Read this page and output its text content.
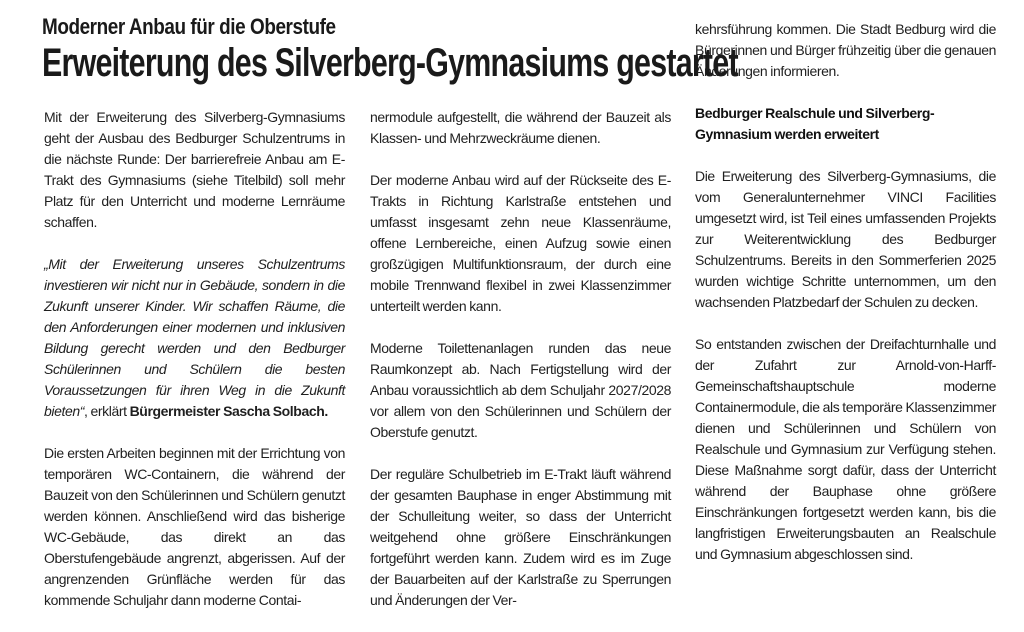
Moderner Anbau für die Oberstufe
Erweiterung des Silverberg-Gymnasiums gestartet

Mit der Erweiterung des Silverberg-Gymnasiums geht der Ausbau des Bedburger Schulzentrums in die nächste Runde: Der barrierefreie Anbau am E-Trakt des Gymnasiums (siehe Titelbild) soll mehr Platz für den Unterricht und moderne Lernräume schaffen.

„Mit der Erweiterung unseres Schulzentrums investieren wir nicht nur in Gebäude, sondern in die Zukunft unserer Kinder. Wir schaffen Räume, die den Anforderungen einer modernen und inklusiven Bildung gerecht werden und den Bedburger Schülerinnen und Schülern die besten Voraussetzungen für ihren Weg in die Zukunft bieten“, erklärt Bürgermeister Sascha Solbach.

Die ersten Arbeiten beginnen mit der Errichtung von temporären WC-Containern, die während der Bauzeit von den Schülerinnen und Schülern genutzt werden können. Anschließend wird das bisherige WC-Gebäude, das direkt an das Oberstufengebäude angrenzt, abgerissen. Auf der angrenzenden Grünfläche werden für das kommende Schuljahr dann moderne Contai-

nermodule aufgestellt, die während der Bauzeit als Klassen- und Mehrzweckräume dienen.

Der moderne Anbau wird auf der Rückseite des E-Trakts in Richtung Karlstraße entstehen und umfasst insgesamt zehn neue Klassenräume, offene Lernbereiche, einen Aufzug sowie einen großzügigen Multifunktionsraum, der durch eine mobile Trennwand flexibel in zwei Klassenzimmer unterteilt werden kann.

Moderne Toilettenanlagen runden das neue Raumkonzept ab. Nach Fertigstellung wird der Anbau voraussichtlich ab dem Schuljahr 2027/2028 vor allem von den Schülerinnen und Schülern der Oberstufe genutzt.

Der reguläre Schulbetrieb im E-Trakt läuft während der gesamten Bauphase in enger Abstimmung mit der Schulleitung weiter, so dass der Unterricht weitgehend ohne größere Einschränkungen fortgeführt werden kann. Zudem wird es im Zuge der Bauarbeiten auf der Karlstraße zu Sperrungen und Änderungen der Ver-

kehrsführung kommen. Die Stadt Bedburg wird die Bürgerinnen und Bürger frühzeitig über die genauen Änderungen informieren.

Bedburger Realschule und Silverberg-Gymnasium werden erweitert

Die Erweiterung des Silverberg-Gymnasiums, die vom Generalunternehmer VINCI Facilities umgesetzt wird, ist Teil eines umfassenden Projekts zur Weiterentwicklung des Bedburger Schulzentrums. Bereits in den Sommerferien 2025 wurden wichtige Schritte unternommen, um den wachsenden Platzbedarf der Schulen zu decken.

So entstanden zwischen der Dreifachturnhalle und der Zufahrt zur Arnold-von-Harff-Gemeinschaftshauptschule moderne Containermodule, die als temporäre Klassenzimmer dienen und Schülerinnen und Schülern von Realschule und Gymnasium zur Verfügung stehen. Diese Maßnahme sorgt dafür, dass der Unterricht während der Bauphase ohne größere Einschränkungen fortgesetzt werden kann, bis die langfristigen Erweiterungsbauten an Realschule und Gymnasium abgeschlossen sind.
